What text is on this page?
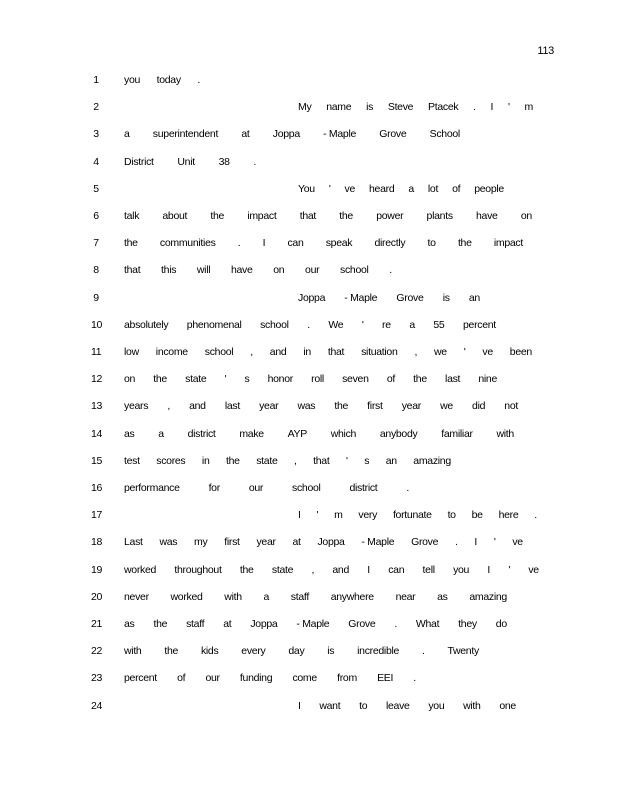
113
1 you today .
2	My name is Steve Ptacek . I ' m
3 a superintendent at Joppa - Maple Grove School
4 District Unit 38 .
5	You ' ve heard a lot of people
6 talk about the impact that the power plants have on
7 the communities . I can speak directly to the impact
8 that this will have on our school .
9	Joppa - Maple Grove is an
10 absolutely phenomenal school . We ' re a 55 percent
11 low income school , and in that situation , we ' ve been
12 on the state ' s honor roll seven of the last nine
13 years , and last year was the first year we did not
14 as a district make AYP which anybody familiar with
15 test scores in the state , that ' s an amazing
16 performance	for	our	school	district	.
17	I ' m very fortunate to be here .
18 Last was my first year at Joppa - Maple Grove . I ' ve
19 worked throughout the state , and I can tell you I ' ve
20 never worked with a staff anywhere near as amazing
21 as the staff at Joppa - Maple Grove . What they do
22 with the kids every day is incredible . Twenty
23 percent of our funding come from EEI .
24	I want to leave you with one
